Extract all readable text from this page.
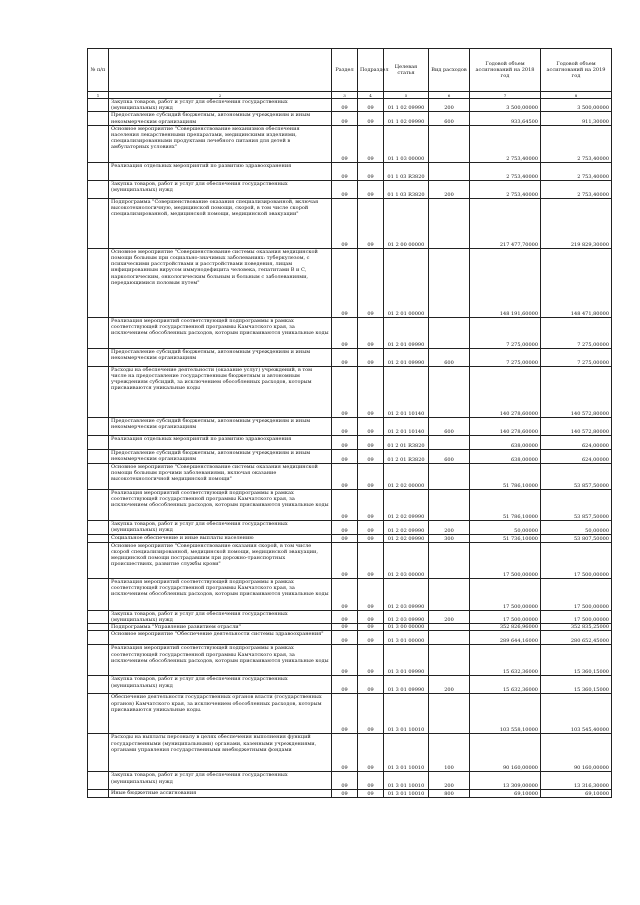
№ п/п		Раздел	Подраздел	Целевая статья	Вид расходов	Годовой объем ассигнований на 2018 год	Годовой объем ассигнований на 2019 год
1	2	3	4	5	6	7	8
	Закупка товаров, работ и услуг для обеспечения государственных (муниципальных) нужд	09	09	01 1 02 09990	200	3 500,00000	3 500,00000
	Предоставление субсидий бюджетным, автономным учреждениям и иным некоммерческим организациям	09	09	01 1 02 09990	600	933,64500	911,30000
	Основное мероприятие "Совершенствование механизмов обеспечения населения лекарственными препаратами, медицинскими изделиями, специализированными продуктами лечебного питания для детей в амбулаторных условиях"	09	09	01 1 03 00000		2 753,40000	2 753,40000
	Реализация отдельных мероприятий по развитию здравоохранения	09	09	01 1 03 R3820		2 753,40000	2 753,40000
	Закупка товаров, работ и услуг для обеспечения государственных (муниципальных) нужд	09	09	01 1 03 R3820	200	2 753,40000	2 753,40000
	Подпрограмма "Совершенствование оказания специализированной, включая высокотехнологичную, медицинской помощи, скорой, в том числе скорой специализированной, медицинской помощи, медицинской эвакуации"	09	09	01 2 00 00000		217 477,70000	219 829,30000
	Основное мероприятие "Совершенствование системы оказания медицинской помощи больным при социально-значимых заболеваниях: туберкулезом, с психическими расстройствами и расстройствами поведения, лицам инфицированным вирусом иммунодефицита человека, гепатитами В и С, наркологическим, онкологическим больным и больным с заболеваниями, передающимися половым путем"	09	09	01 2 01 00000		148 191,60000	148 471,80000
	Реализация мероприятий соответствующей подпрограммы в рамках соответствующей государственной программы Камчатского края, за исключением обособленных расходов, которым присваиваются уникальные коды	09	09	01 2 01 09990		7 275,00000	7 275,00000
	Предоставление субсидий бюджетным, автономным учреждениям и иным некоммерческим организациям	09	09	01 2 01 09990	600	7 275,00000	7 275,00000
	Расходы на обеспечение деятельности (оказание услуг) учреждений, в том числе на предоставление государственным бюджетным и автономным учреждениям субсидий, за исключением обособленных расходов, которым присваиваются уникальные коды	09	09	01 2 01 10140		140 278,60000	140 572,80000
	Предоставление субсидий бюджетным, автономным учреждениям и иным некоммерческим организациям	09	09	01 2 01 10140	600	140 278,60000	140 572,80000
	Реализация отдельных мероприятий по развитию здравоохранения	09	09	01 2 01 R3820		638,00000	624,00000
	Предоставление субсидий бюджетным, автономным учреждениям и иным некоммерческим организациям	09	09	01 2 01 R3820	600	638,00000	624,00000
	Основное мероприятие "Совершенствование системы оказания медицинской помощи больным прочими заболеваниями, включая оказание высокотехнологичной медицинской помощи"	09	09	01 2 02 00000		51 786,10000	53 857,50000
	Реализация мероприятий соответствующей подпрограммы в рамках соответствующей государственной программы Камчатского края, за исключением обособленных расходов, которым присваиваются уникальные коды	09	09	01 2 02 09990		51 786,10000	53 857,50000
	Закупка товаров, работ и услуг для обеспечения государственных (муниципальных) нужд	09	09	01 2 02 09990	200	50,00000	50,00000
	Социальное обеспечение и иные выплаты населению	09	09	01 2 02 09990	300	51 736,10000	53 807,50000
	Основное мероприятие "Совершенствование оказания скорой, в том числе скорой специализированной, медицинской помощи, медицинской эвакуации, медицинской помощи пострадавшим при дорожно-транспортных происшествиях, развитие службы крови"	09	09	01 2 03 00000		17 500,00000	17 500,00000
	Реализация мероприятий соответствующей подпрограммы в рамках соответствующей государственной программы Камчатского края, за исключением обособленных расходов, которым присваиваются уникальные коды	09	09	01 2 03 09990		17 500,00000	17 500,00000
	Закупка товаров, работ и услуг для обеспечения государственных (муниципальных) нужд	09	09	01 2 03 09990	200	17 500,00000	17 500,00000
	Подпрограмма "Управление развитием отрасли"	09	09	01 3 00 00000		352 826,96000	352 835,25000
	Основное мероприятие "Обеспечение деятельности системы здравоохранения"	09	09	01 3 01 00000		289 644,16000	280 652,45000
	Реализация мероприятий соответствующей подпрограммы в рамках соответствующей государственной программы Камчатского края, за исключением обособленных расходов, которым присваиваются уникальные коды	09	09	01 3 01 09990		15 632,36000	15 360,15000
	Закупка товаров, работ и услуг для обеспечения государственных (муниципальных) нужд	09	09	01 3 01 09990	200	15 632,36000	15 360,15000
	Обеспечение деятельности государственных органов власти (государственных органов) Камчатского края, за исключением обособленных расходов, которым присваиваются уникальные коды.	09	09	01 3 01 10010		103 558,10000	103 545,40000
	Расходы на выплаты персоналу в целях обеспечения выполнения функций государственными (муниципальными) органами, казенными учреждениями, органами управления государственными внебюджетными фондами	09	09	01 3 01 10010	100	90 160,00000	90 160,00000
	Закупка товаров, работ и услуг для обеспечения государственных (муниципальных) нужд	09	09	01 3 01 10010	200	13 309,00000	13 316,30000
	Иные бюджетные ассигнования	09	09	01 3 01 10010	800	69,10000	69,10000
